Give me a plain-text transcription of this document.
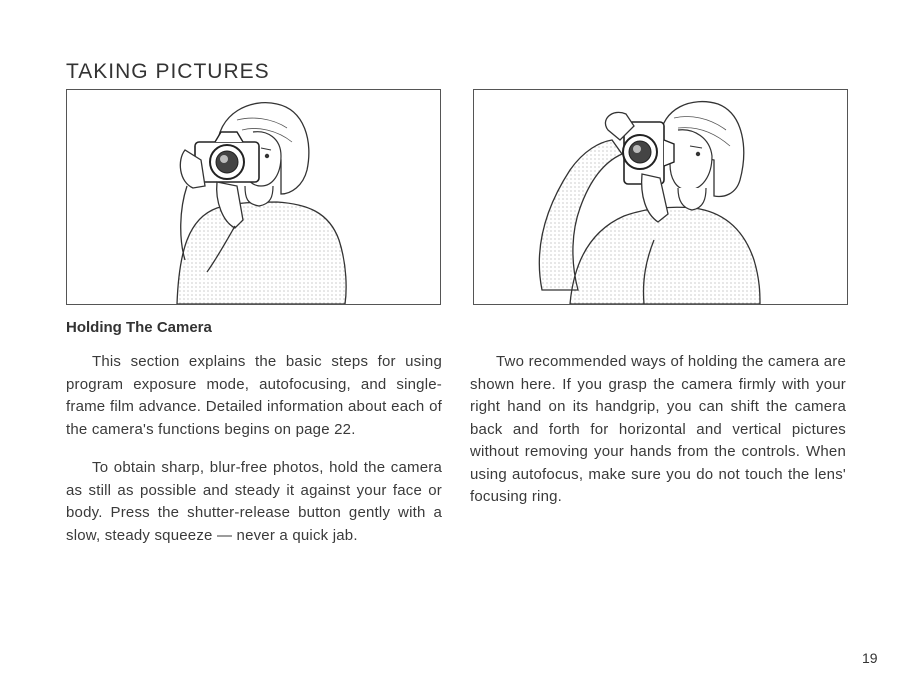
TAKING PICTURES
Holding The Camera

This section explains the basic steps for using program exposure mode, autofocusing, and single-frame film advance. Detailed information about each of the camera's functions begins on page 22.

To obtain sharp, blur-free photos, hold the camera as still as possible and steady it against your face or body. Press the shutter-release button gently with a slow, steady squeeze — never a quick jab.

Two recommended ways of holding the camera are shown here. If you grasp the camera firmly with your right hand on its handgrip, you can shift the camera back and forth for horizontal and vertical pictures without removing your hands from the controls. When using autofocus, make sure you do not touch the lens' focusing ring.

19
